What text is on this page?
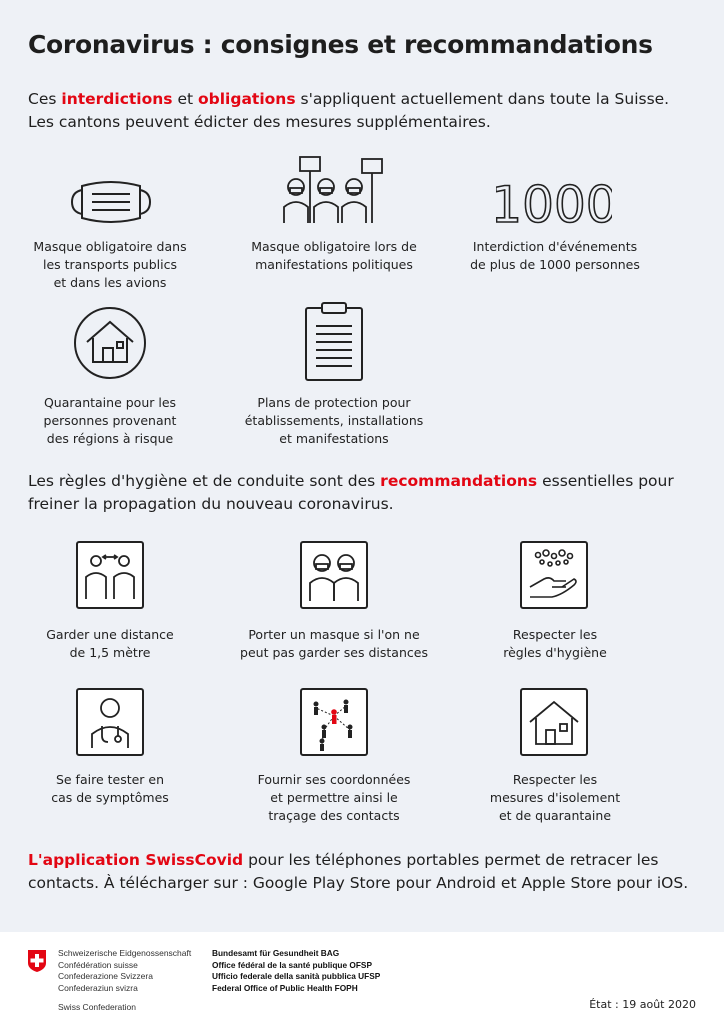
Coronavirus : consignes et recommandations
Ces interdictions et obligations s'appliquent actuellement dans toute la Suisse.
Les cantons peuvent édicter des mesures supplémentaires.
Masque obligatoire dans
les transports publics
et dans les avions
Masque obligatoire lors de
manifestations politiques
1000
Interdiction d'événements
de plus de 1000 personnes
Quarantaine pour les
personnes provenant
des régions à risque
Plans de protection pour
établissements, installations
et manifestations
Les règles d'hygiène et de conduite sont des recommandations essentielles pour
freiner la propagation du nouveau coronavirus.
Garder une distance
de 1,5 mètre
Porter un masque si l'on ne
peut pas garder ses distances
Respecter les
règles d'hygiène
Se faire tester en
cas de symptômes
Fournir ses coordonnées
et permettre ainsi le
traçage des contacts
Respecter les
mesures d'isolement
et de quarantaine
L'application SwissCovid pour les téléphones portables permet de retracer les
contacts. À télécharger sur : Google Play Store pour Android et Apple Store pour iOS.
Schweizerische Eidgenossenschaft
Confédération suisse
Confederazione Svizzera
Confederaziun svizra
Bundesamt für Gesundheit BAG
Office fédéral de la santé publique OFSP
Ufficio federale della sanità pubblica UFSP
Federal Office of Public Health FOPH
Swiss Confederation	État : 19 août 2020
